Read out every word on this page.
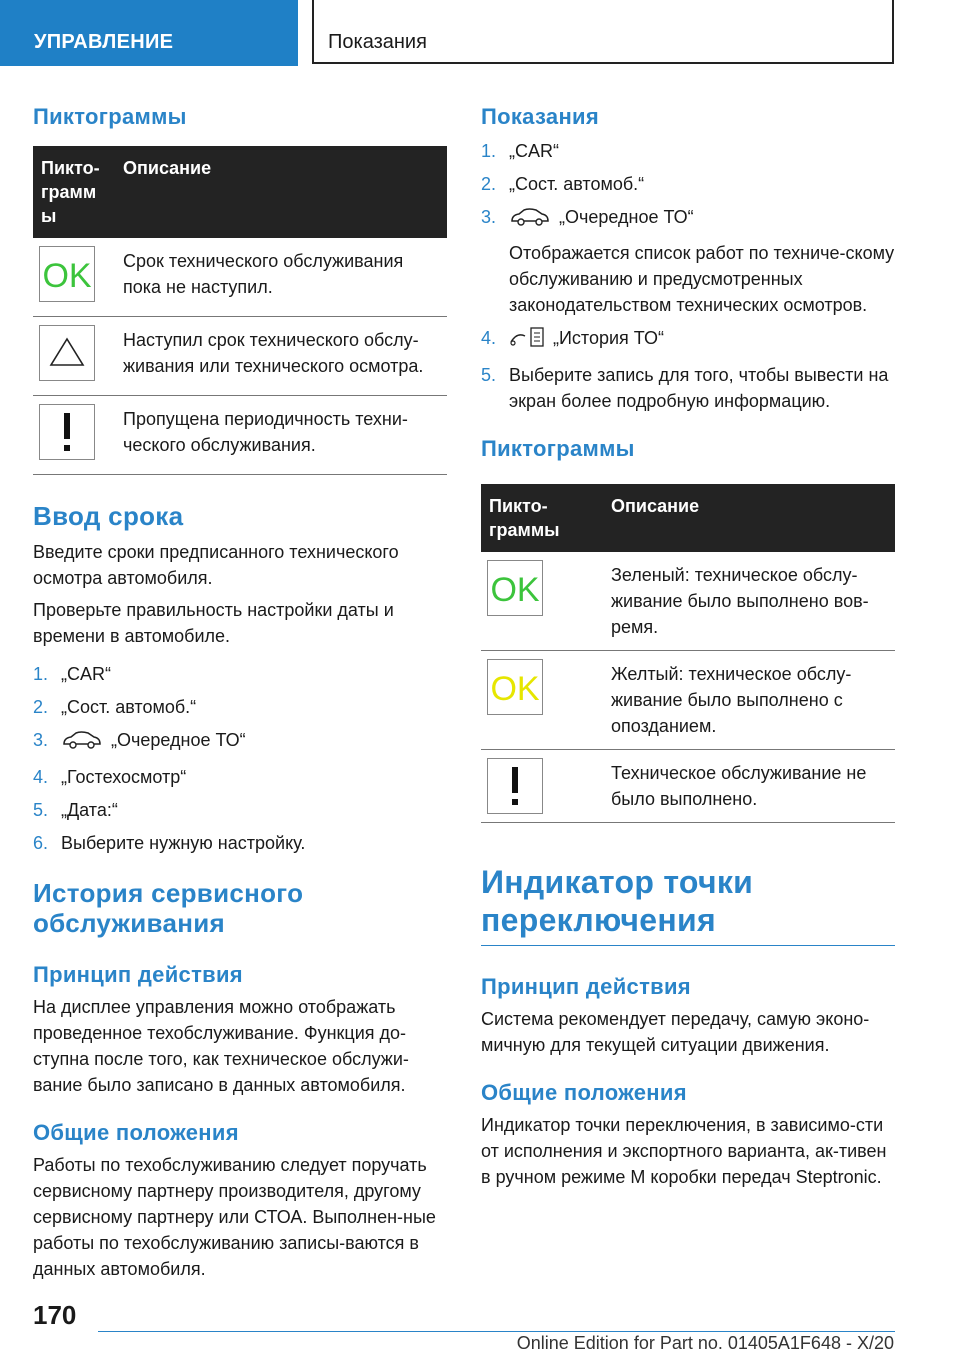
УПРАВЛЕНИЕ	Показания
Пиктограммы
Пикто-
грамм
ы	Описание

OK	Срок технического обслуживания пока не наступил.

	Наступил срок технического обслу-живания или технического осмотра.

	Пропущена периодичность техни-ческого обслуживания.
Ввод срока

Введите сроки предписанного технического осмотра автомобиля.

Проверьте правильность настройки даты и времени в автомобиле.

1. „CAR“
2. „Сост. автомоб.“
3.	„Очередное ТО“
4. „Гостехосмотр“
5. „Дата:“
6. Выберите нужную настройку.
История сервисного обслуживания
Принцип действия

На дисплее управления можно отображать проведенное техобслуживание. Функция до-ступна после того, как техническое обслужи-вание было записано в данных автомобиля.

Общие положения

Работы по техобслуживанию следует поручать сервисному партнеру производителя, другому сервисному партнеру или СТОА. Выполнен-ные работы по техобслуживанию записы-ваются в данных автомобиля.

Показания
1. „CAR“
2. „Сост. автомоб.“
3.	„Очередное ТО“
Отображается список работ по техниче-скому обслуживанию и предусмотренных законодательством технических осмотров.
4.	„История ТО“
5. Выберите запись для того, чтобы вывести на экран более подробную информацию.
Пиктограммы
Пикто-
граммы	Описание

OK	Зеленый: техническое обслу-живание было выполнено вов-ремя.

OK	Желтый: техническое обслу-живание было выполнено с опозданием.

	Техническое обслуживание не было выполнено.
Индикатор точки переключения
Принцип действия

Система рекомендует передачу, самую эконо-мичную для текущей ситуации движения.

Общие положения

Индикатор точки переключения, в зависимо-сти от исполнения и экспортного варианта, ак-тивен в ручном режиме M коробки передач Steptronic.

170
Online Edition for Part no. 01405A1F648 - X/20
